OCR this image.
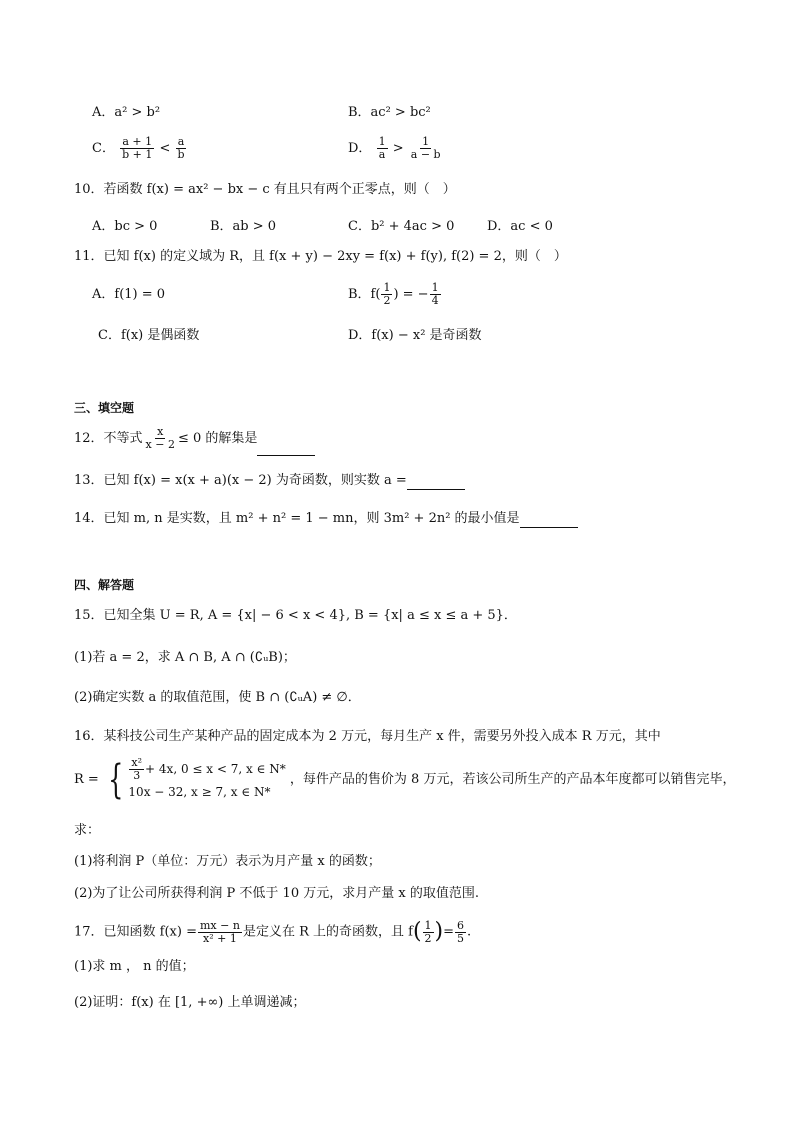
A．a² > b²	B．ac² > bc²
C． $\frac{a + 1}{b + 1} < \frac{a}{b}$	D． $\frac{1}{a} > \frac{1}{a - b}$
10．若函数 f(x) = ax² − bx − c 有且只有两个正零点，则（　）
A．bc > 0	B．ab > 0	C．b² + 4ac > 0	D．ac < 0
11．已知 f(x) 的定义域为 R，且 f(x + y) − 2xy = f(x) + f(y), f(2) = 2，则（　）
A．f(1) = 0	B．$f( \frac{1}{2}$ ) = − $\frac{1}{4}$
C．f(x) 是偶函数	D．f(x) − x² 是奇函数
三、填空题
12．不等式 $\frac{x}{x - 2} \le 0$ 的解集是
13．已知 f(x) = x(x + a)(x − 2) 为奇函数，则实数 a =
14．已知 m, n 是实数，且 m² + n² = 1 − mn，则 3m² + 2n² 的最小值是
四、解答题
15．已知全集 U = R, A = {x| − 6 < x < 4}, B = {x| a ≤ x ≤ a + 5}．
(1)若 a = 2，求 A ∩ B, A ∩ (∁ᵤB)；
(2)确定实数 a 的取值范围，使 B ∩ (∁ᵤA) ≠ ∅．
16．某科技公司生产某种产品的固定成本为 2 万元，每月生产 x 件，需要另外投入成本 R 万元，其中
R = { $\frac{\text{x²}}{3} + 4x$, 0 ≤ x < 7, x ∈ N*
10x − 32, x ≥ 7, x ∈ N*
，每件产品的售价为 8 万元，若该公司所生产的产品本年度都可以销售完毕，
求：
(1)将利润 P（单位：万元）表示为月产量 x 的函数；
(2)为了让公司所获得利润 P 不低于 10 万元，求月产量 x 的取值范围.
17．已知函数 $f(x) = \frac{mx - n}{\text{x² + 1}}$ 是定义在 R 上的奇函数，且 $f( \frac{1}{2}$ )= $\frac{6}{5}$ .
(1)求 m ， n 的值；
(2)证明：f(x) 在 [1, +∞) 上单调递减；
